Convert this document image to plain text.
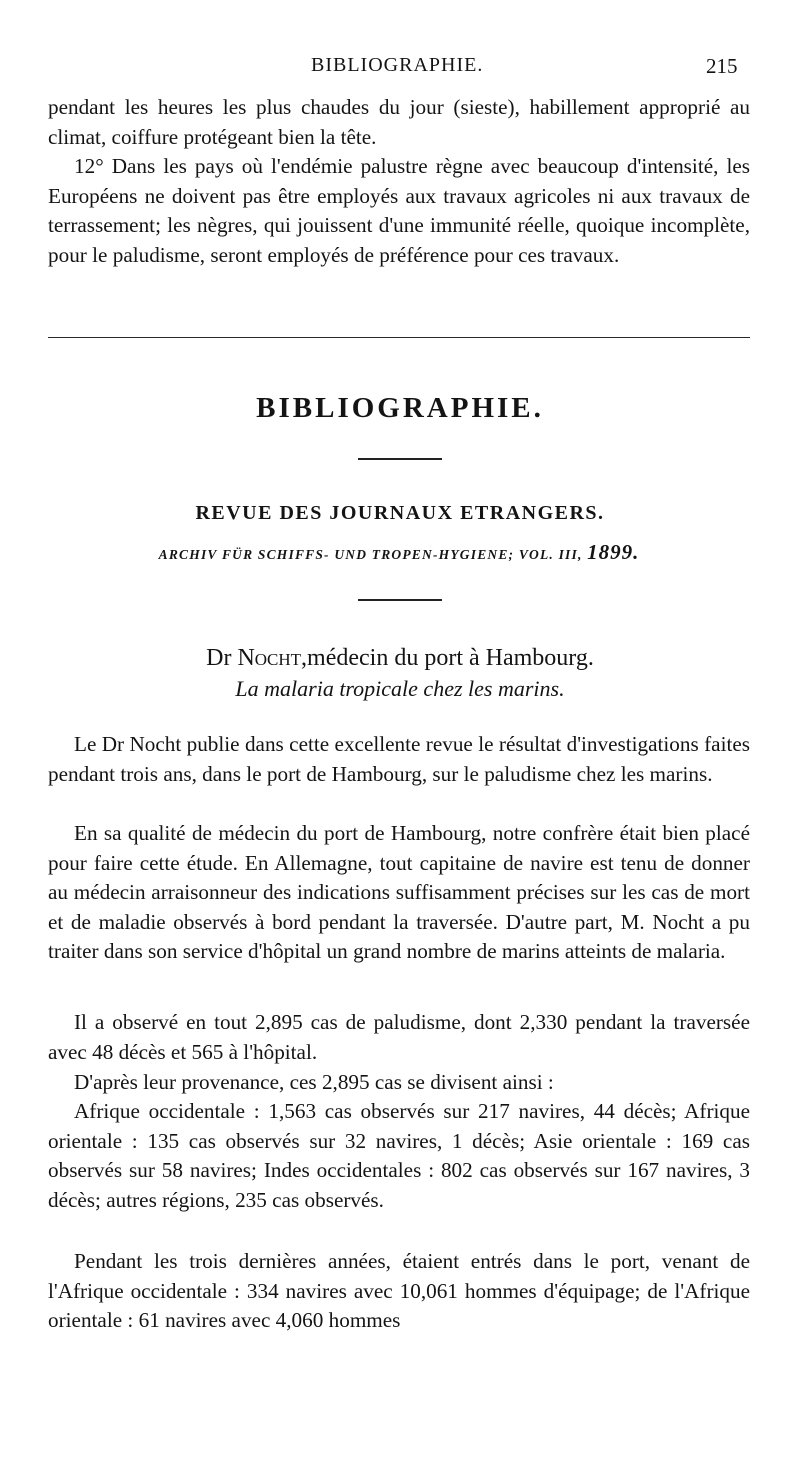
BIBLIOGRAPHIE.	215

pendant les heures les plus chaudes du jour (sieste), habillement approprié au climat, coiffure protégeant bien la tête.

12° Dans les pays où l'endémie palustre règne avec beaucoup d'intensité, les Européens ne doivent pas être employés aux travaux agricoles ni aux travaux de terrassement; les nègres, qui jouissent d'une immunité réelle, quoique incomplète, pour le paludisme, seront employés de préférence pour ces travaux.

BIBLIOGRAPHIE.
REVUE DES JOURNAUX ETRANGERS.

ARCHIV FÜR SCHIFFS- UND TROPEN-HYGIENE; VOL. III, 1899.

Dr Nocht,médecin du port à Hambourg.

La malaria tropicale chez les marins.

Le Dr Nocht publie dans cette excellente revue le résultat d'investigations faites pendant trois ans, dans le port de Hambourg, sur le paludisme chez les marins.

En sa qualité de médecin du port de Hambourg, notre confrère était bien placé pour faire cette étude. En Allemagne, tout capitaine de navire est tenu de donner au médecin arraisonneur des indications suffisamment précises sur les cas de mort et de maladie observés à bord pendant la traversée. D'autre part, M. Nocht a pu traiter dans son service d'hôpital un grand nombre de marins atteints de malaria.

Il a observé en tout 2,895 cas de paludisme, dont 2,330 pendant la traversée avec 48 décès et 565 à l'hôpital.

D'après leur provenance, ces 2,895 cas se divisent ainsi :

Afrique occidentale : 1,563 cas observés sur 217 navires, 44 décès; Afrique orientale : 135 cas observés sur 32 navires, 1 décès; Asie orientale : 169 cas observés sur 58 navires; Indes occidentales : 802 cas observés sur 167 navires, 3 décès; autres régions, 235 cas observés.

Pendant les trois dernières années, étaient entrés dans le port, venant de l'Afrique occidentale : 334 navires avec 10,061 hommes d'équipage; de l'Afrique orientale : 61 navires avec 4,060 hommes
